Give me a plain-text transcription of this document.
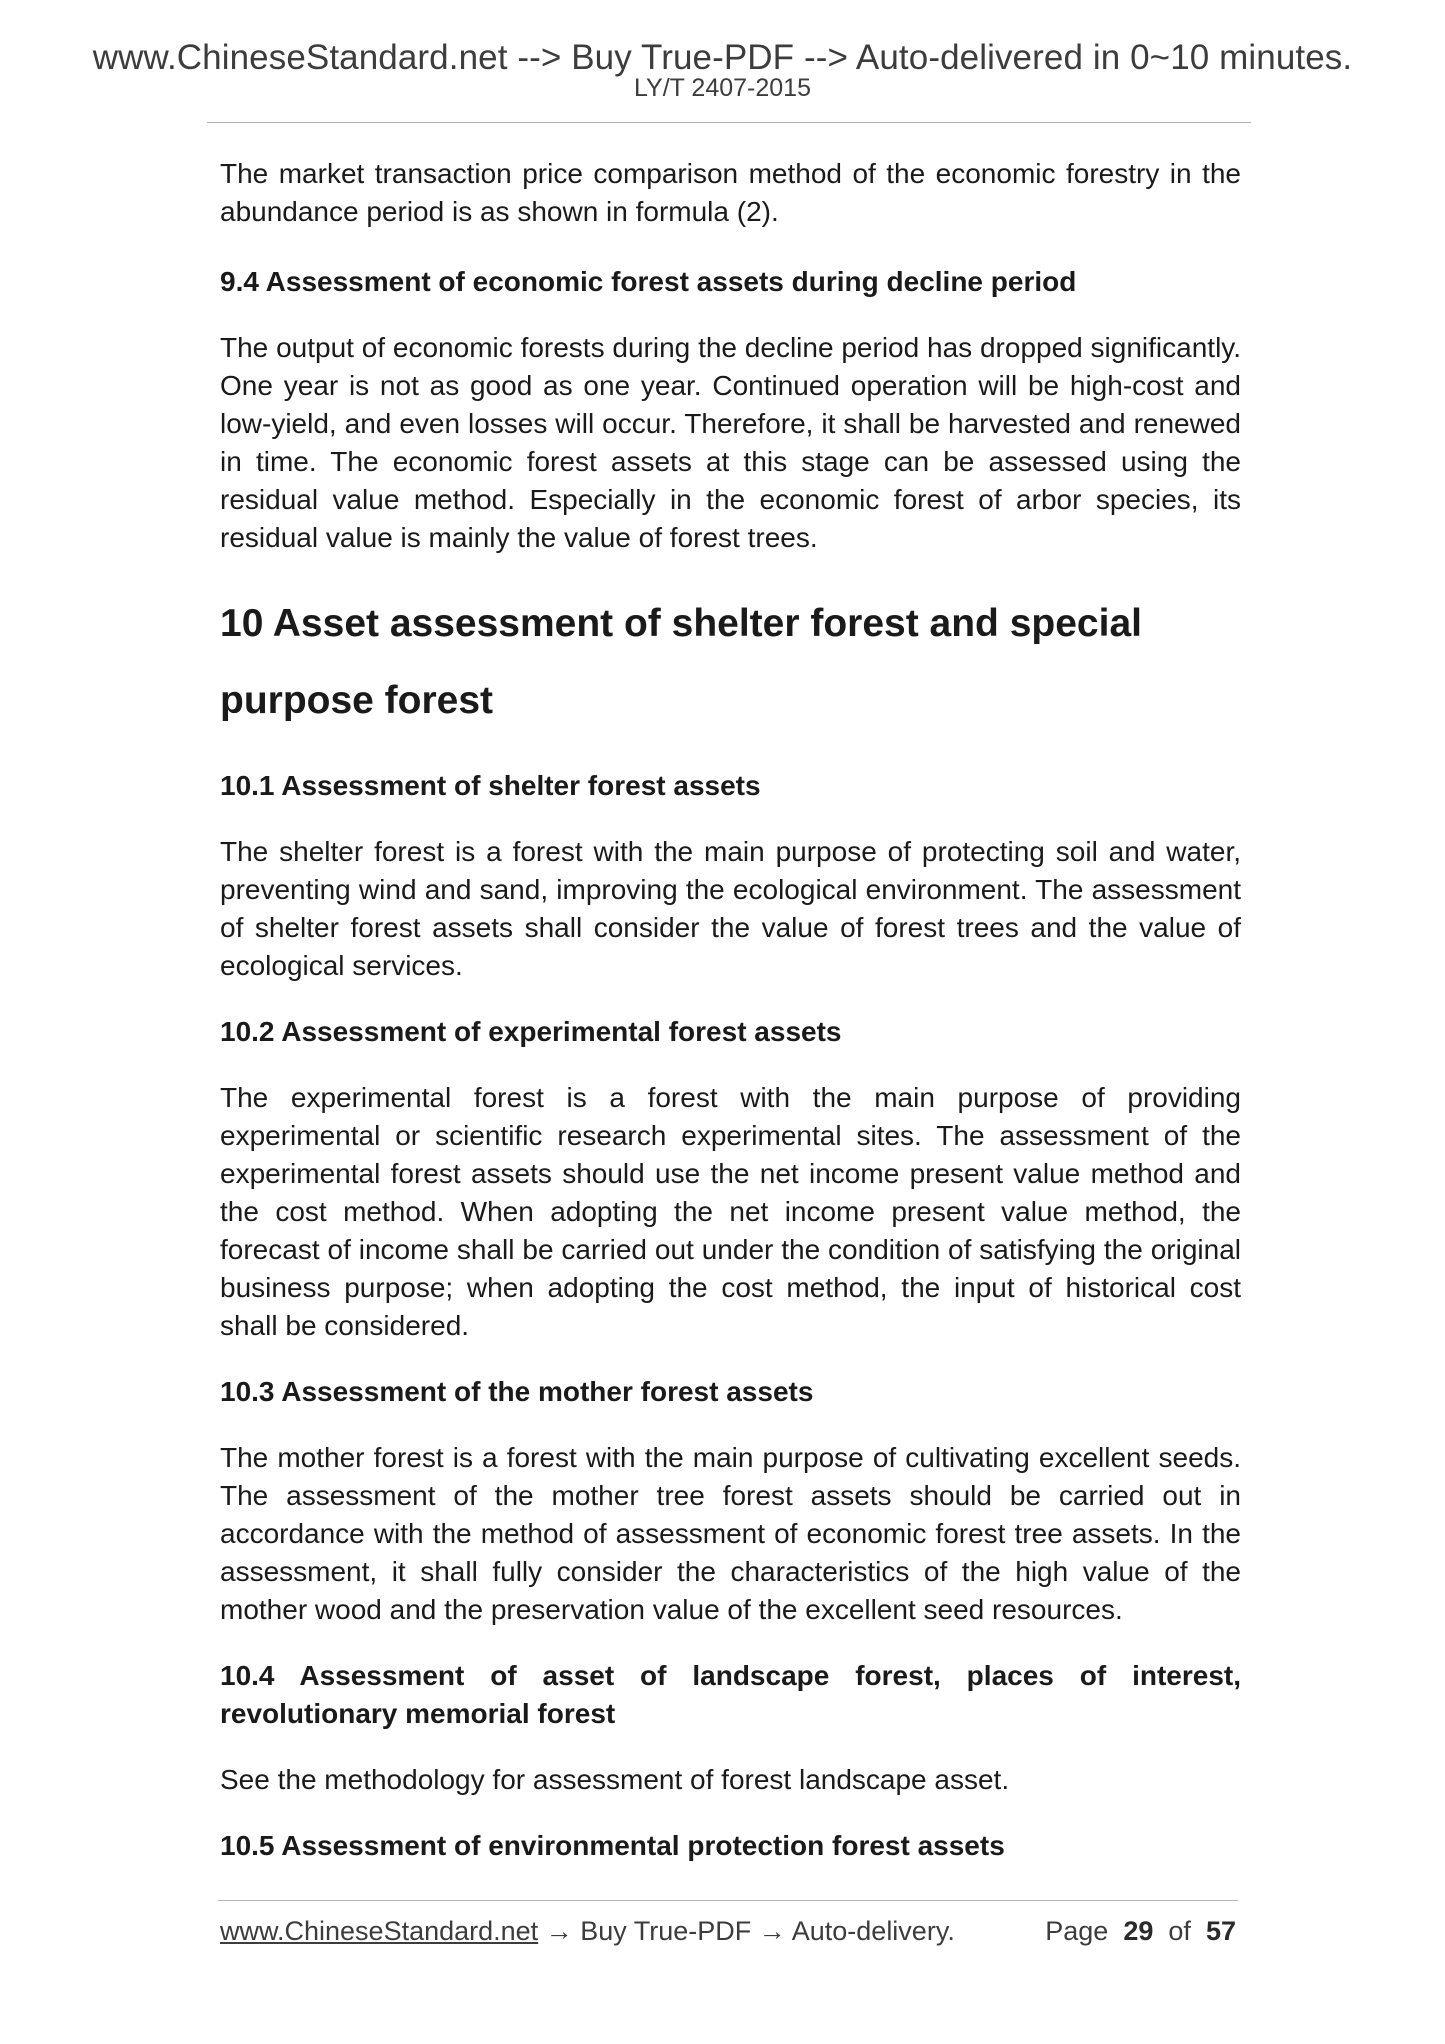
www.ChineseStandard.net --> Buy True-PDF --> Auto-delivered in 0~10 minutes.
LY/T 2407-2015

The market transaction price comparison method of the economic forestry in the abundance period is as shown in formula (2).

9.4 Assessment of economic forest assets during decline period

The output of economic forests during the decline period has dropped significantly. One year is not as good as one year. Continued operation will be high-cost and low-yield, and even losses will occur. Therefore, it shall be harvested and renewed in time. The economic forest assets at this stage can be assessed using the residual value method. Especially in the economic forest of arbor species, its residual value is mainly the value of forest trees.

10 Asset assessment of shelter forest and special
purpose forest
10.1 Assessment of shelter forest assets

The shelter forest is a forest with the main purpose of protecting soil and water, preventing wind and sand, improving the ecological environment. The assessment of shelter forest assets shall consider the value of forest trees and the value of ecological services.

10.2 Assessment of experimental forest assets

The experimental forest is a forest with the main purpose of providing experimental or scientific research experimental sites. The assessment of the experimental forest assets should use the net income present value method and the cost method. When adopting the net income present value method, the forecast of income shall be carried out under the condition of satisfying the original business purpose; when adopting the cost method, the input of historical cost shall be considered.

10.3 Assessment of the mother forest assets

The mother forest is a forest with the main purpose of cultivating excellent seeds. The assessment of the mother tree forest assets should be carried out in accordance with the method of assessment of economic forest tree assets. In the assessment, it shall fully consider the characteristics of the high value of the mother wood and the preservation value of the excellent seed resources.

10.4 Assessment of asset of landscape forest, places of interest, revolutionary memorial forest

See the methodology for assessment of forest landscape asset.

10.5 Assessment of environmental protection forest assets
www.ChineseStandard.net → Buy True-PDF → Auto-delivery.	Page 29 of 57
